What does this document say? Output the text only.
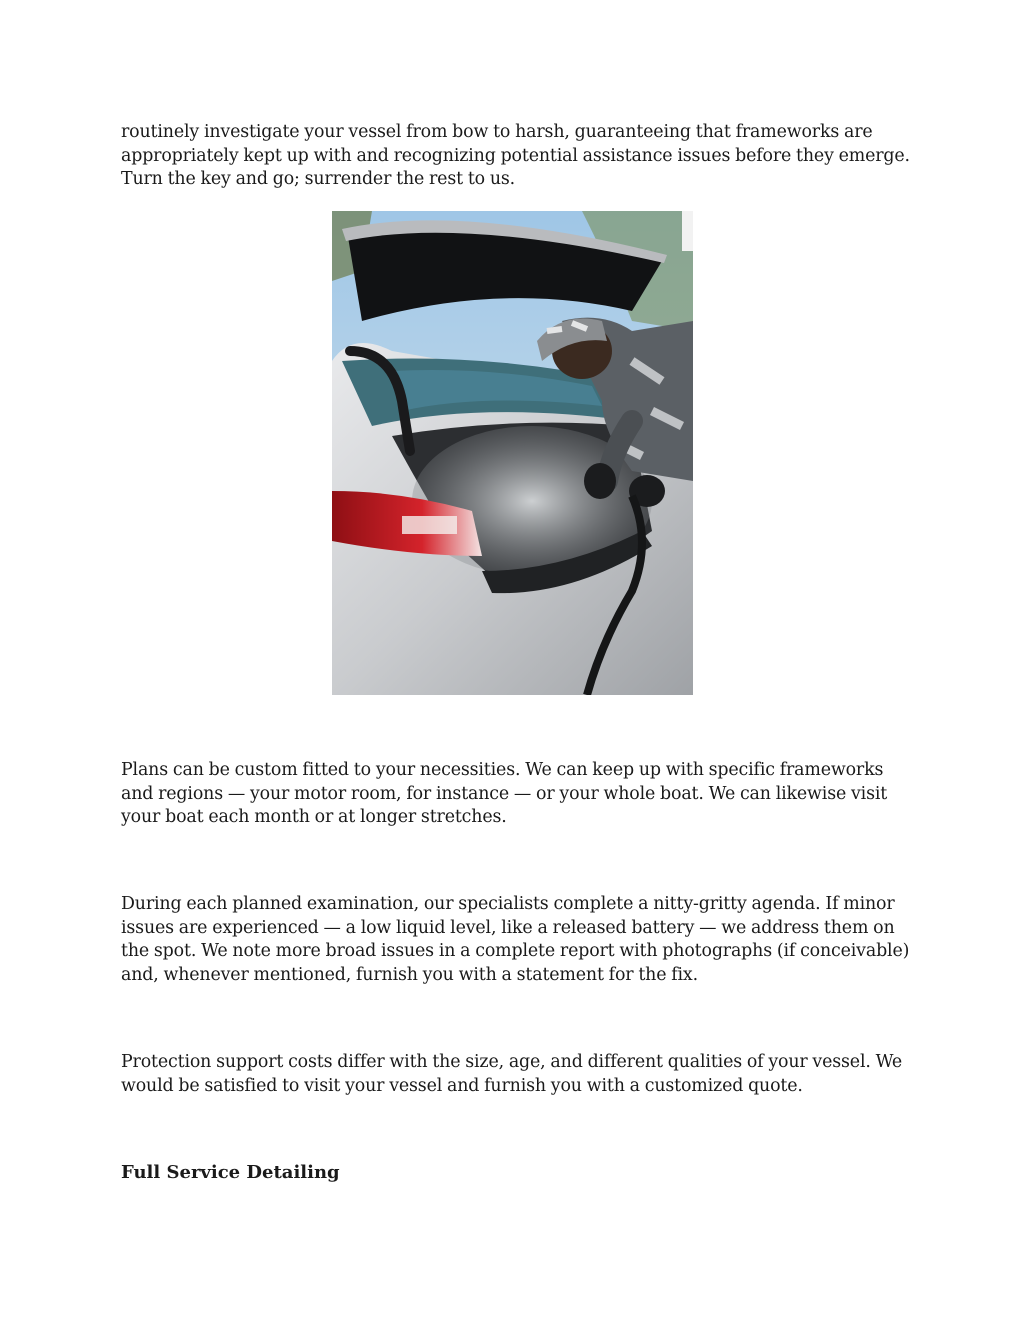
routinely investigate your vessel from bow to harsh, guaranteeing that frameworks are appropriately kept up with and recognizing potential assistance issues before they emerge. Turn the key and go; surrender the rest to us.

Plans can be custom fitted to your necessities. We can keep up with specific frameworks and regions — your motor room, for instance — or your whole boat. We can likewise visit your boat each month or at longer stretches.

During each planned examination, our specialists complete a nitty-gritty agenda. If minor issues are experienced — a low liquid level, like a released battery — we address them on the spot. We note more broad issues in a complete report with photographs (if conceivable) and, whenever mentioned, furnish you with a statement for the fix.

Protection support costs differ with the size, age, and different qualities of your vessel. We would be satisfied to visit your vessel and furnish you with a customized quote.

Full Service Detailing
